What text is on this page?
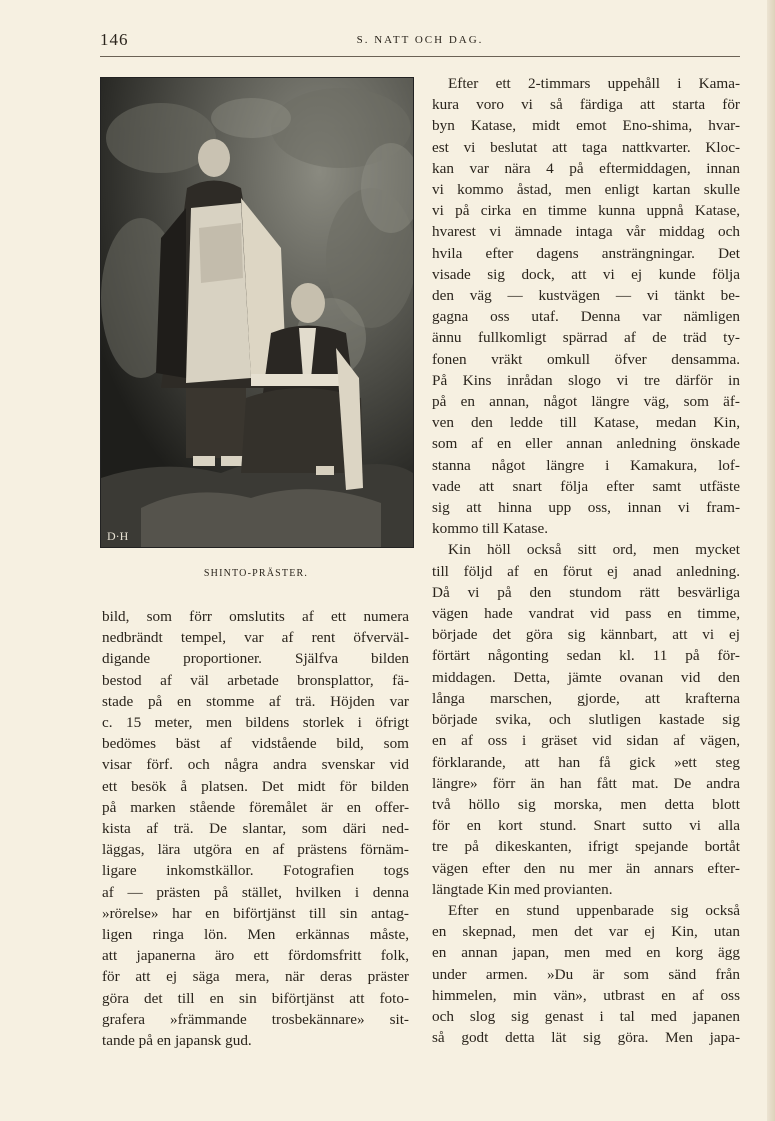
146	S. NATT OCH DAG.
D·H
SHINTO-PRÄSTER.
bild, som förr omslutits af ett numera
nedbrändt tempel, var af rent öfverväl-
digande proportioner. Själfva bilden
bestod af väl arbetade bronsplattor, fä-
stade på en stomme af trä. Höjden var
c. 15 meter, men bildens storlek i öfrigt
bedömes bäst af vidstående bild, som
visar förf. och några andra svenskar vid
ett besök å platsen. Det midt för bilden
på marken stående föremålet är en offer-
kista af trä. De slantar, som däri ned-
läggas, lära utgöra en af prästens förnäm-
ligare inkomstkällor. Fotografien togs
af — prästen på stället, hvilken i denna
»rörelse» har en biförtjänst till sin antag-
ligen ringa lön. Men erkännas måste,
att japanerna äro ett fördomsfritt folk,
för att ej säga mera, när deras präster
göra det till en sin biförtjänst att foto-
grafera »främmande trosbekännare» sit-
tande på en japansk gud.
Efter ett 2-timmars uppehåll i Kama-
kura voro vi så färdiga att starta för
byn Katase, midt emot Eno-shima, hvar-
est vi beslutat att taga nattkvarter. Kloc-
kan var nära 4 på eftermiddagen, innan
vi kommo åstad, men enligt kartan skulle
vi på cirka en timme kunna uppnå Katase,
hvarest vi ämnade intaga vår middag och
hvila efter dagens ansträngningar. Det
visade sig dock, att vi ej kunde följa
den väg — kustvägen — vi tänkt be-
gagna oss utaf. Denna var nämligen
ännu fullkomligt spärrad af de träd ty-
fonen vräkt omkull öfver densamma.
På Kins inrådan slogo vi tre därför in
på en annan, något längre väg, som äf-
ven den ledde till Katase, medan Kin,
som af en eller annan anledning önskade
stanna något längre i Kamakura, lof-
vade att snart följa efter samt utfäste
sig att hinna upp oss, innan vi fram-
kommo till Katase.
Kin höll också sitt ord, men mycket
till följd af en förut ej anad anledning.
Då vi på den stundom rätt besvärliga
vägen hade vandrat vid pass en timme,
började det göra sig kännbart, att vi ej
förtärt någonting sedan kl. 11 på för-
middagen. Detta, jämte ovanan vid den
långa marschen, gjorde, att krafterna
började svika, och slutligen kastade sig
en af oss i gräset vid sidan af vägen,
förklarande, att han få gick »ett steg
längre» förr än han fått mat. De andra
två höllo sig morska, men detta blott
för en kort stund. Snart sutto vi alla
tre på dikeskanten, ifrigt spejande bortåt
vägen efter den nu mer än annars efter-
längtade Kin med provianten.
Efter en stund uppenbarade sig också
en skepnad, men det var ej Kin, utan
en annan japan, men med en korg ägg
under armen. »Du är som sänd från
himmelen, min vän», utbrast en af oss
och slog sig genast i tal med japanen
så godt detta lät sig göra. Men japa-
